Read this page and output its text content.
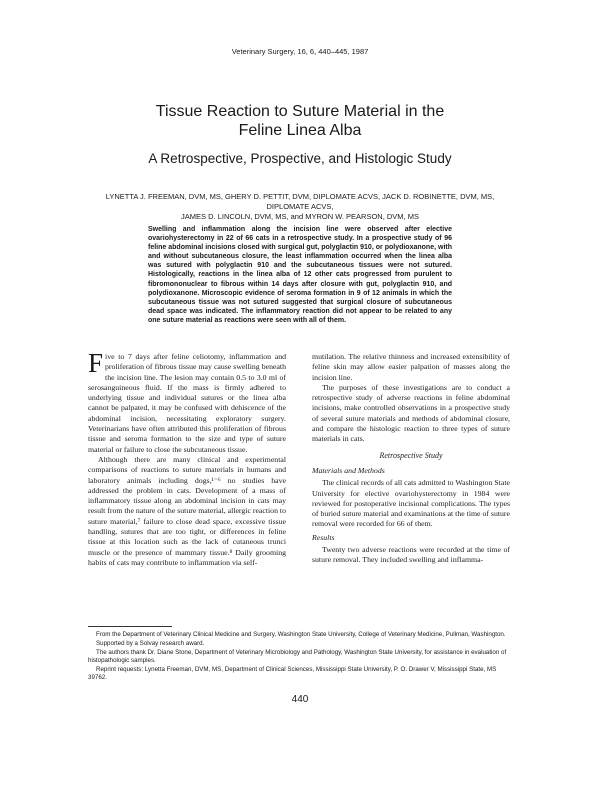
Veterinary Surgery, 16, 6, 440–445, 1987
Tissue Reaction to Suture Material in the
Feline Linea Alba
A Retrospective, Prospective, and Histologic Study
LYNETTA J. FREEMAN, DVM, MS, GHERY D. PETTIT, DVM, DIPLOMATE ACVS, JACK D. ROBINETTE, DVM, MS, DIPLOMATE ACVS,
JAMES D. LINCOLN, DVM, MS, and MYRON W. PEARSON, DVM, MS
Swelling and inflammation along the incision line were observed after elective ovariohysterectomy in 22 of 66 cats in a retrospective study. In a prospective study of 96 feline abdominal incisions closed with surgical gut, polyglactin 910, or polydioxanone, with and without subcutaneous closure, the least inflammation occurred when the linea alba was sutured with polyglactin 910 and the subcutaneous tissues were not sutured. Histologically, reactions in the linea alba of 12 other cats progressed from purulent to fibromononuclear to fibrous within 14 days after closure with gut, polyglactin 910, and polydioxanone. Microscopic evidence of seroma formation in 9 of 12 animals in which the subcutaneous tissue was not sutured suggested that surgical closure of subcutaneous dead space was indicated. The inflammatory reaction did not appear to be related to any one suture material as reactions were seen with all of them.

Five to 7 days after feline celiotomy, inflammation and proliferation of fibrous tissue may cause swelling beneath the incision line. The lesion may contain 0.5 to 3.0 ml of serosanguineous fluid. If the mass is firmly adhered to underlying tissue and individual sutures or the linea alba cannot be palpated, it may be confused with dehiscence of the abdominal incision, necessitating exploratory surgery. Veterinarians have often attributed this proliferation of fibrous tissue and seroma formation to the size and type of suture material or failure to close the subcutaneous tissue.

Although there are many clinical and experimental comparisons of reactions to suture materials in humans and laboratory animals including dogs,¹⁻⁶ no studies have addressed the problem in cats. Development of a mass of inflammatory tissue along an abdominal incision in cats may result from the nature of the suture material, allergic reaction to suture material,⁷ failure to close dead space, excessive tissue handling, sutures that are too tight, or differences in feline tissue at this location such as the lack of cutaneous trunci muscle or the presence of mammary tissue.⁸ Daily grooming habits of cats may contribute to inflammation via self-

mutilation. The relative thinness and increased extensibility of feline skin may allow easier palpation of masses along the incision line.

The purposes of these investigations are to conduct a retrospective study of adverse reactions in feline abdominal incisions, make controlled observations in a prospective study of several suture materials and methods of abdominal closure, and compare the histologic reaction to three types of suture materials in cats.

Retrospective Study
Materials and Methods

The clinical records of all cats admitted to Washington State University for elective ovariohysterectomy in 1984 were reviewed for postoperative incisional complications. The types of buried suture material and examinations at the time of suture removal were recorded for 66 of them.

Results

Twenty two adverse reactions were recorded at the time of suture removal. They included swelling and inflamma-

From the Department of Veterinary Clinical Medicine and Surgery, Washington State University, College of Veterinary Medicine, Pullman, Washington.

Supported by a Solvay research award.

The authors thank Dr. Diane Stone, Department of Veterinary Microbiology and Pathology, Washington State University, for assistance in evaluation of histopathologic samples.

Reprint requests: Lynetta Freeman, DVM, MS, Department of Clinical Sciences, Mississippi State University, P. O. Drawer V, Mississippi State, MS 39762.

440
